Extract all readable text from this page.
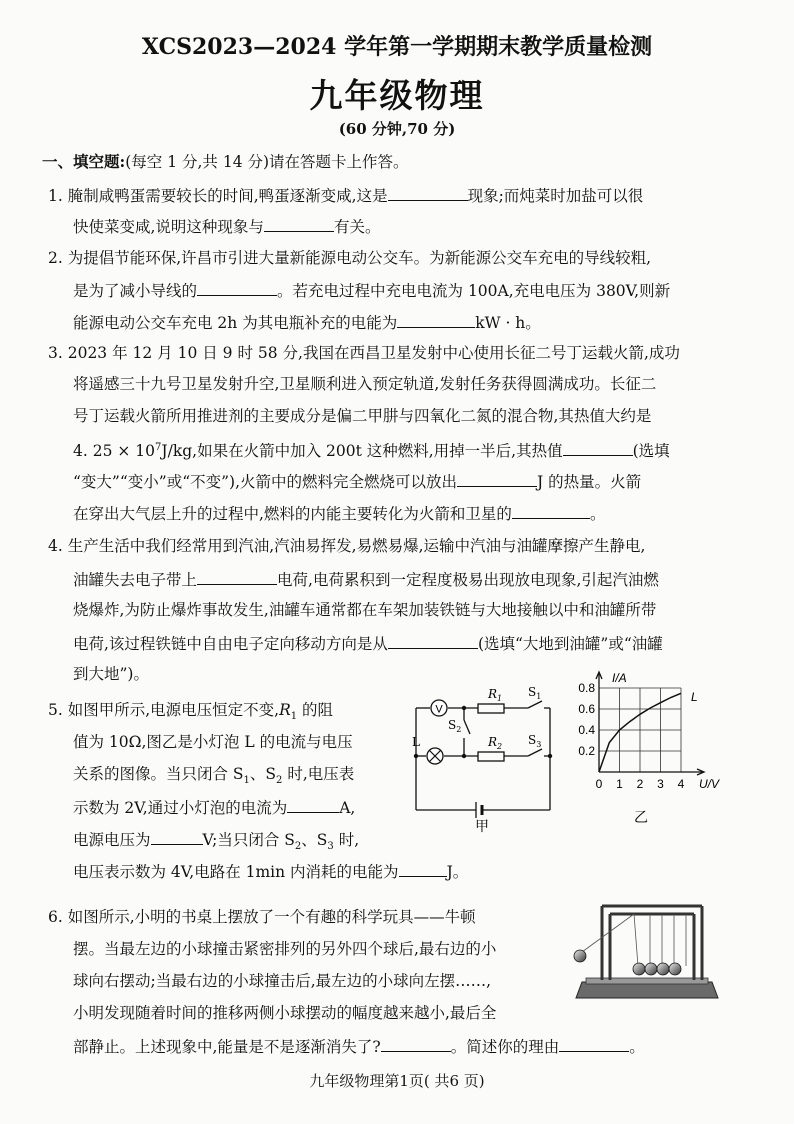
XCS2023—2024 学年第一学期期末教学质量检测
九年级物理
(60 分钟,70 分)
一、填空题:(每空 1 分,共 14 分)请在答题卡上作答。
1. 腌制咸鸭蛋需要较长的时间,鸭蛋逐渐变咸,这是	现象;而炖菜时加盐可以很
快使菜变咸,说明这种现象与	有关。
2. 为提倡节能环保,许昌市引进大量新能源电动公交车。为新能源公交车充电的导线较粗,
是为了减小导线的	。若充电过程中充电电流为 100A,充电电压为 380V,则新
能源电动公交车充电 2h 为其电瓶补充的电能为	kW · h。
3. 2023 年 12 月 10 日 9 时 58 分,我国在西昌卫星发射中心使用长征二号丁运载火箭,成功
将遥感三十九号卫星发射升空,卫星顺利进入预定轨道,发射任务获得圆满成功。长征二
号丁运载火箭所用推进剂的主要成分是偏二甲肼与四氧化二氮的混合物,其热值大约是
4. $25 \times 10^7J/kg$,如果在火箭中加入 200t 这种燃料,用掉一半后,其热值	(选填
“变大”“变小”或“不变”),火箭中的燃料完全燃烧可以放出	J 的热量。火箭
在穿出大气层上升的过程中,燃料的内能主要转化为火箭和卫星的	。
4. 生产生活中我们经常用到汽油,汽油易挥发,易燃易爆,运输中汽油与油罐摩擦产生静电,
油罐失去电子带上	电荷,电荷累积到一定程度极易出现放电现象,引起汽油燃
烧爆炸,为防止爆炸事故发生,油罐车通常都在车架加装铁链与大地接触以中和油罐所带
电荷,该过程铁链中自由电子定向移动方向是从	(选填“大地到油罐”或“油罐
到大地”)。
5. 如图甲所示,电源电压恒定不变$,R_1$ 的阻
值为 10Ω,图乙是小灯泡 L 的电流与电压
关系的图像。当只闭合 $S_1$、$S_2$ 时,电压表
示数为 2V,通过小灯泡的电流为	A,
电源电压为	V;当只闭合 $S_2$、$S_3$ 时,
电压表示数为 4V,电路在 1min 内消耗的电能为	J。
V
$R_1$
$R_2$
$S_1$
$S_3$
$S_2$
L
甲
0.8
0.6
0.4
0.2
0 1 2 3 4
I/A
U/V
L
乙
6. 如图所示,小明的书桌上摆放了一个有趣的科学玩具——牛顿
摆。当最左边的小球撞击紧密排列的另外四个球后,最右边的小
球向右摆动;当最右边的小球撞击后,最左边的小球向左摆……,
小明发现随着时间的推移两侧小球摆动的幅度越来越小,最后全
部静止。上述现象中,能量是不是逐渐消失了?	。简述你的理由	。
九年级物理第1页( 共6 页)
